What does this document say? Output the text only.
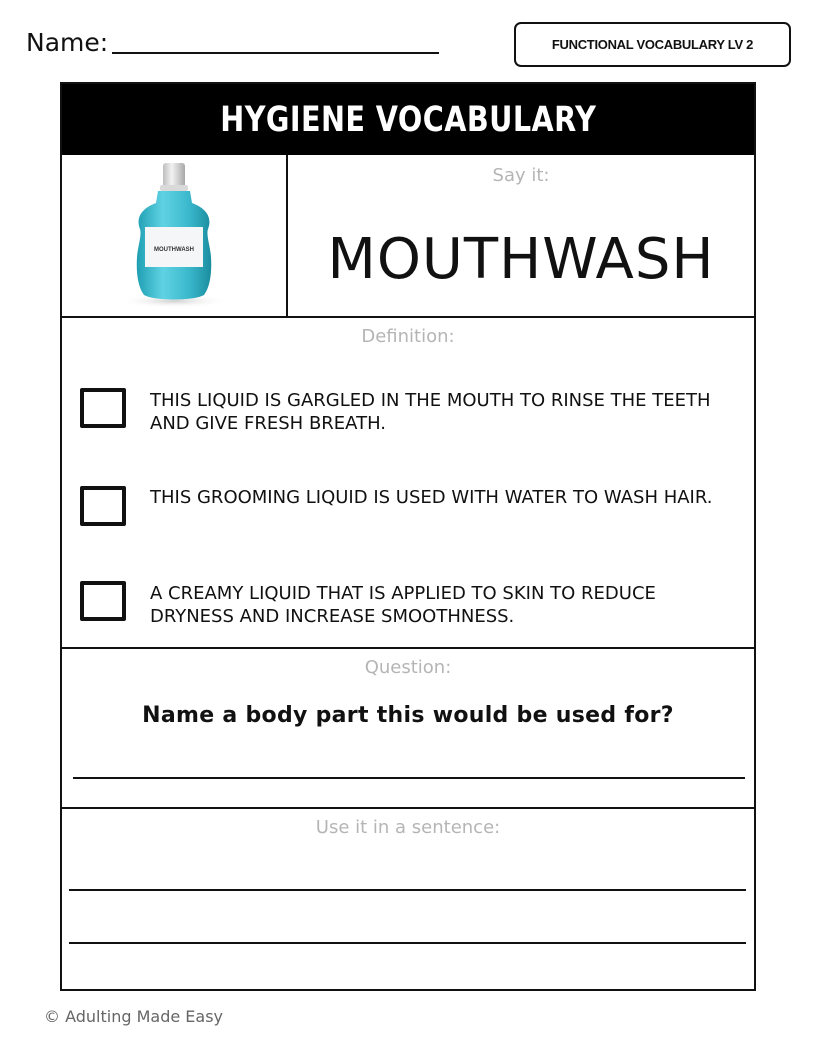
Name:	FUNCTIONAL VOCABULARY LV 2
HYGIENE VOCABULARY
MOUTHWASH
Say it:
MOUTHWASH
Definition:
THIS LIQUID IS GARGLED IN THE MOUTH TO RINSE THE TEETH AND GIVE FRESH BREATH.
THIS GROOMING LIQUID IS USED WITH WATER TO WASH HAIR.
A CREAMY LIQUID THAT IS APPLIED TO SKIN TO REDUCE DRYNESS AND INCREASE SMOOTHNESS.
Question:
Name a body part this would be used for?
Use it in a sentence:
© Adulting Made Easy
